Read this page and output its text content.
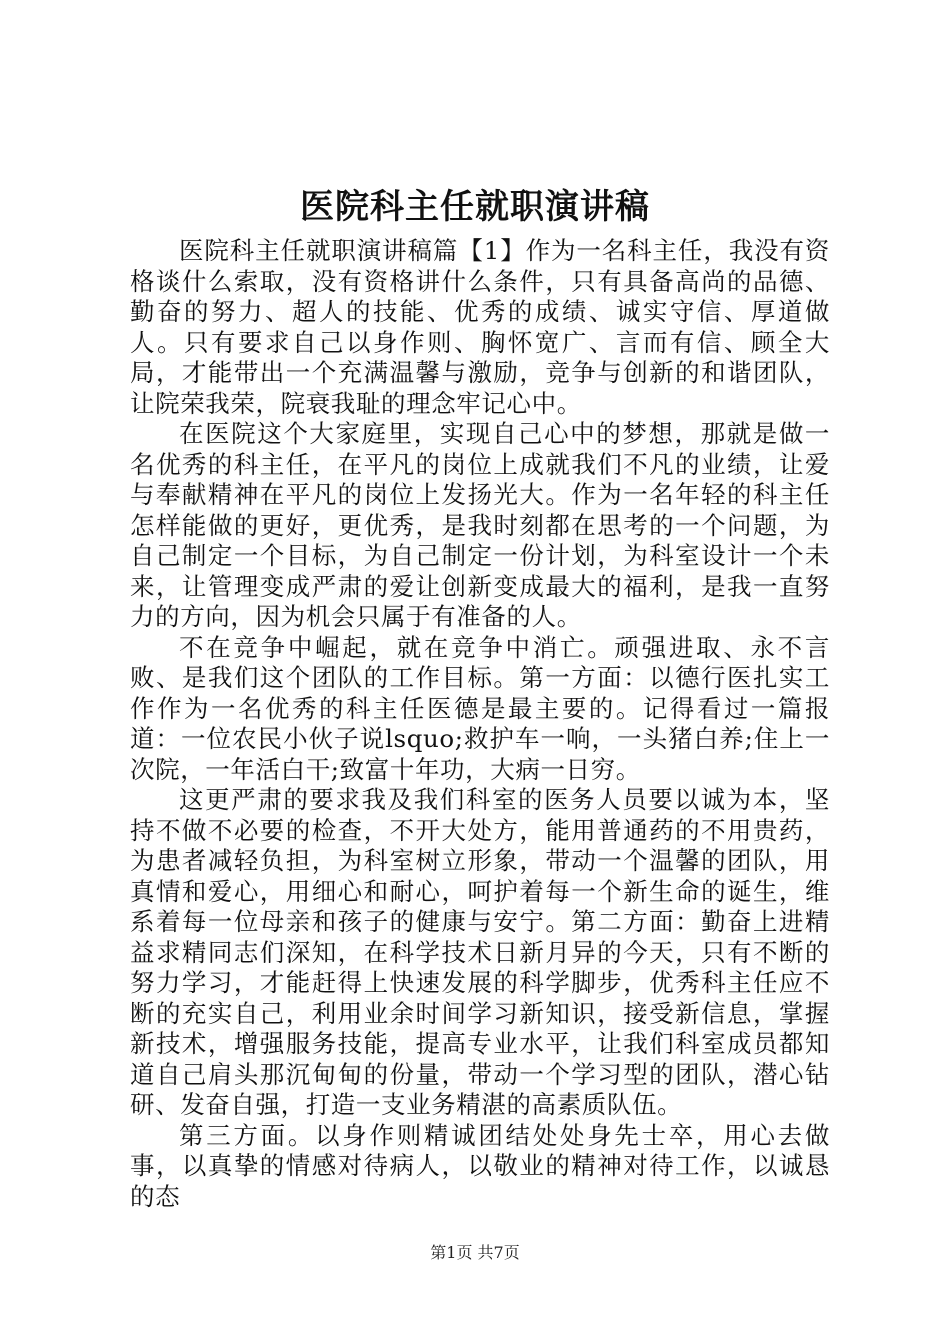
医院科主任就职演讲稿

医院科主任就职演讲稿篇【1】作为一名科主任，我没有资格谈什么索取，没有资格讲什么条件，只有具备高尚的品德、勤奋的努力、超人的技能、优秀的成绩、诚实守信、厚道做人。只有要求自己以身作则、胸怀宽广、言而有信、顾全大局，才能带出一个充满温馨与激励，竞争与创新的和谐团队，让院荣我荣，院衰我耻的理念牢记心中。

在医院这个大家庭里，实现自己心中的梦想，那就是做一名优秀的科主任，在平凡的岗位上成就我们不凡的业绩，让爱与奉献精神在平凡的岗位上发扬光大。作为一名年轻的科主任怎样能做的更好，更优秀，是我时刻都在思考的一个问题，为自己制定一个目标，为自己制定一份计划，为科室设计一个未来，让管理变成严肃的爱让创新变成最大的福利，是我一直努力的方向，因为机会只属于有准备的人。

不在竞争中崛起，就在竞争中消亡。顽强进取、永不言败、是我们这个团队的工作目标。第一方面：以德行医扎实工作作为一名优秀的科主任医德是最主要的。记得看过一篇报道：一位农民小伙子说lsquo;救护车一响，一头猪白养;住上一次院，一年活白干;致富十年功，大病一日穷。

这更严肃的要求我及我们科室的医务人员要以诚为本，坚持不做不必要的检查，不开大处方，能用普通药的不用贵药，为患者减轻负担，为科室树立形象，带动一个温馨的团队，用真情和爱心，用细心和耐心，呵护着每一个新生命的诞生，维系着每一位母亲和孩子的健康与安宁。第二方面：勤奋上进精益求精同志们深知，在科学技术日新月异的今天，只有不断的努力学习，才能赶得上快速发展的科学脚步，优秀科主任应不断的充实自己，利用业余时间学习新知识，接受新信息，掌握新技术，增强服务技能，提高专业水平，让我们科室成员都知道自己肩头那沉甸甸的份量，带动一个学习型的团队，潜心钻研、发奋自强，打造一支业务精湛的高素质队伍。

第三方面。以身作则精诚团结处处身先士卒，用心去做事，以真挚的情感对待病人，以敬业的精神对待工作，以诚恳的态

第1页 共7页
